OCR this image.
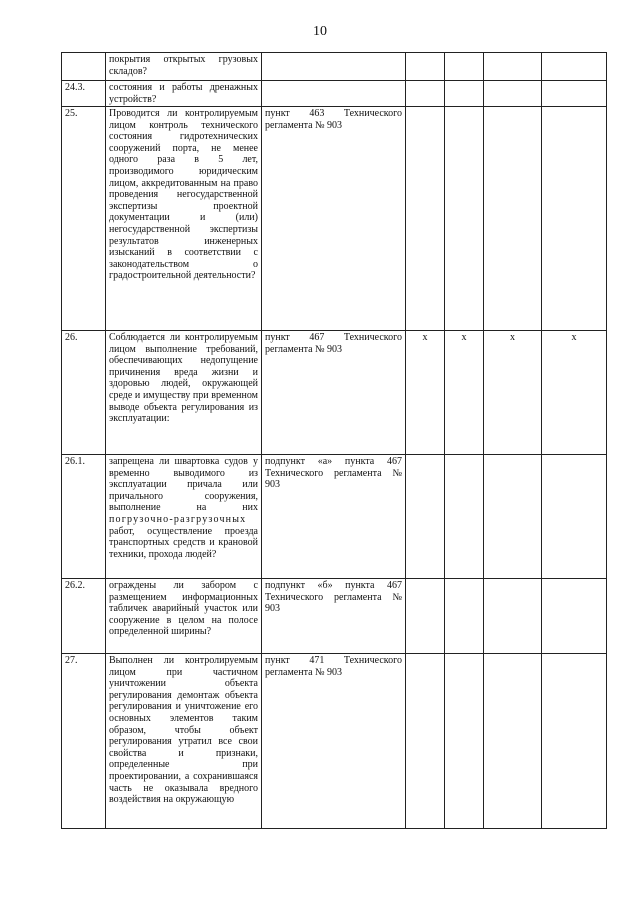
10
	покрытия открытых грузовых складов?					
24.3.	состояния и работы дренажных устройств?					
25.	Проводится ли контролируемым лицом контроль технического состояния гидротехнических сооружений порта, не менее одного раза в 5 лет, производимого юридическим лицом, аккредитованным на право проведения негосударственной экспертизы проектной документации и (или) негосударственной экспертизы результатов инженерных изысканий в соответствии с законодательством о градостроительной деятельности?	пункт 463 Технического регламента № 903				
26.	Соблюдается ли контролируемым лицом выполнение требований, обеспечивающих недопущение причинения вреда жизни и здоровью людей, окружающей среде и имуществу при временном выводе объекта регулирования из эксплуатации:	пункт 467 Технического регламента № 903	x	x	x	x
26.1.	запрещена ли швартовка судов у временно выводимого из эксплуатации причала или причального сооружения, выполнение на них погрузочно-разгрузочных работ, осуществление проезда транспортных средств и крановой техники, прохода людей?	подпункт «а» пункта 467 Технического регламента № 903				
26.2.	ограждены ли забором с размещением информационных табличек аварийный участок или сооружение в целом на полосе определенной ширины?	подпункт «б» пункта 467 Технического регламента № 903				
27.	Выполнен ли контролируемым лицом при частичном уничтожении объекта регулирования демонтаж объекта регулирования и уничтожение его основных элементов таким образом, чтобы объект регулирования утратил все свои свойства и признаки, определенные при проектировании, а сохранившаяся часть не оказывала вредного воздействия на окружающую	пункт 471 Технического регламента № 903				
